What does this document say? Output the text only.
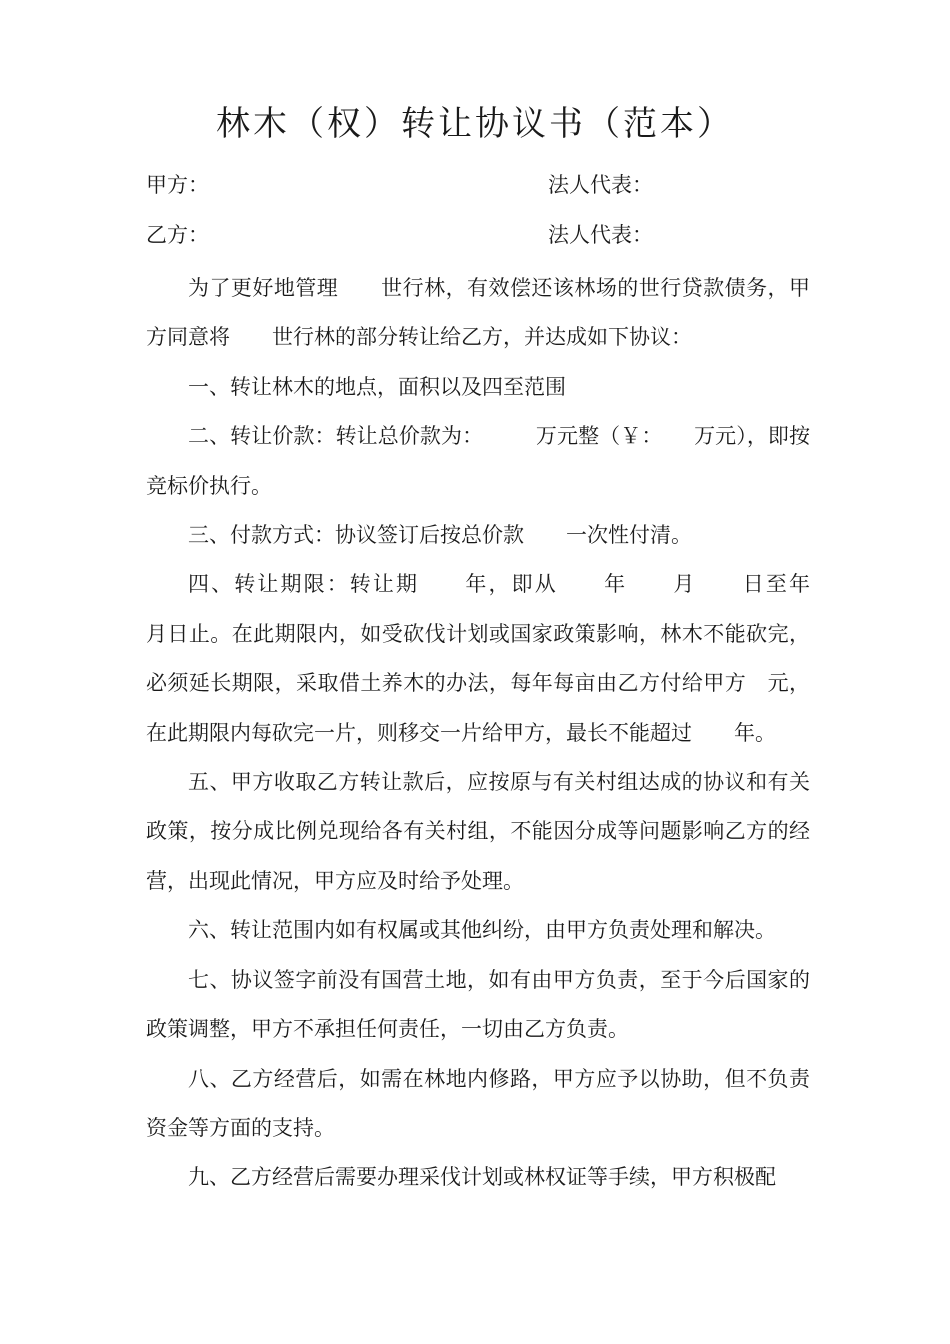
林木（权）转让协议书（范本）
甲方：	法人代表：
乙方：	法人代表：

为了更好地管理　　世行林，有效偿还该林场的世行贷款债务，甲方同意将　　世行林的部分转让给乙方，并达成如下协议：

一、转让林木的地点，面积以及四至范围

二、转让价款：转让总价款为：　　　万元整（￥：　　万元），即按竞标价执行。

三、付款方式：协议签订后按总价款　　一次性付清。

四、转让期限：转让期　　年，即从　　年　　月　　日至年　　月日止。在此期限内，如受砍伐计划或国家政策影响，林木不能砍完，必须延长期限，采取借土养木的办法，每年每亩由乙方付给甲方　元，在此期限内每砍完一片，则移交一片给甲方，最长不能超过　　年。

五、甲方收取乙方转让款后，应按原与有关村组达成的协议和有关政策，按分成比例兑现给各有关村组，不能因分成等问题影响乙方的经营，出现此情况，甲方应及时给予处理。

六、转让范围内如有权属或其他纠纷，由甲方负责处理和解决。

七、协议签字前没有国营土地，如有由甲方负责，至于今后国家的政策调整，甲方不承担任何责任，一切由乙方负责。

八、乙方经营后，如需在林地内修路，甲方应予以协助，但不负责资金等方面的支持。

九、乙方经营后需要办理采伐计划或林权证等手续，甲方积极配
